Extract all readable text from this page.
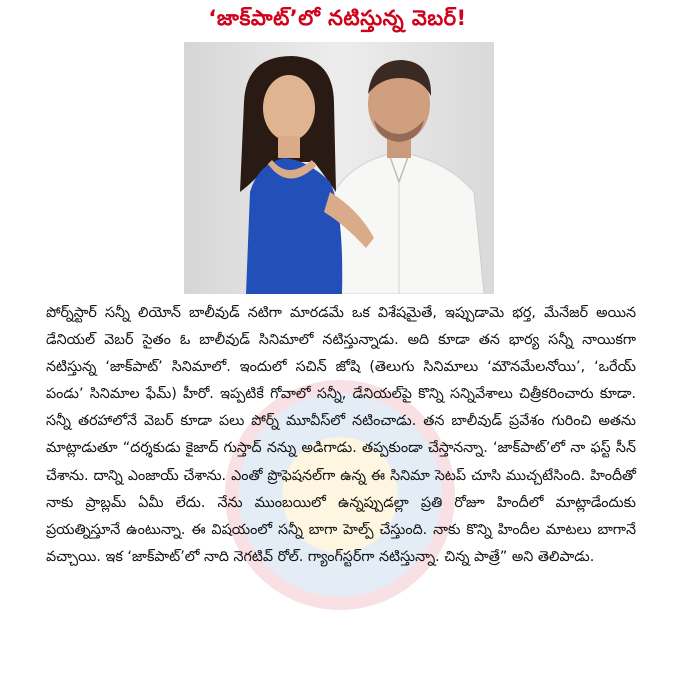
‘జాక్‌పాట్’లో నటిస్తున్న వెబర్!

పోర్న్‌స్టార్ సన్నీ లియోన్ బాలీవుడ్ నటిగా మారడమే ఒక విశేషమైతే, ఇప్పుడామె భర్త, మేనేజర్ అయిన డేనియల్ వెబర్ సైతం ఓ బాలీవుడ్ సినిమాలో నటిస్తున్నాడు. అది కూడా తన భార్య సన్నీ నాయికగా నటిస్తున్న ‘జాక్‌పాట్’ సినిమాలో. ఇందులో సచిన్ జోషి (తెలుగు సినిమాలు ‘మౌనమేలనోయి’, ‘ఒరేయ్ పండు’ సినిమాల ఫేమ్) హీరో. ఇప్పటికే గోవాలో సన్నీ, డేనియల్‌పై కొన్ని సన్నివేశాలు చిత్రీకరించారు కూడా. సన్నీ తరహాలోనే వెబర్ కూడా పలు పోర్న్ మూవీస్‌లో నటించాడు. తన బాలీవుడ్ ప్రవేశం గురించి అతను మాట్లాడుతూ “దర్శకుడు కైజాద్ గుస్తాద్ నన్ను అడిగాడు. తప్పకుండా చేస్తానన్నా. ‘జాక్‌పాట్’లో నా ఫస్ట్ సీన్ చేశాను. దాన్ని ఎంజాయ్ చేశాను. ఎంతో ప్రొఫెషనల్‌గా ఉన్న ఈ సినిమా సెటప్ చూసి ముచ్చటేసింది. హిందీతో నాకు ప్రాబ్లమ్ ఏమీ లేదు. నేను ముంబయిలో ఉన్నప్పుడల్లా ప్రతి రోజూ హిందీలో మాట్లాడేందుకు ప్రయత్నిస్తూనే ఉంటున్నా. ఈ విషయంలో సన్నీ బాగా హెల్ప్ చేస్తుంది. నాకు కొన్ని హిందీల మాటలు బాగానే వచ్చాయి. ఇక ‘జాక్‌పాట్’లో నాది నెగటివ్ రోల్. గ్యాంగ్‌స్టర్‌గా నటిస్తున్నా. చిన్న పాత్రే” అని తెలిపాడు.
